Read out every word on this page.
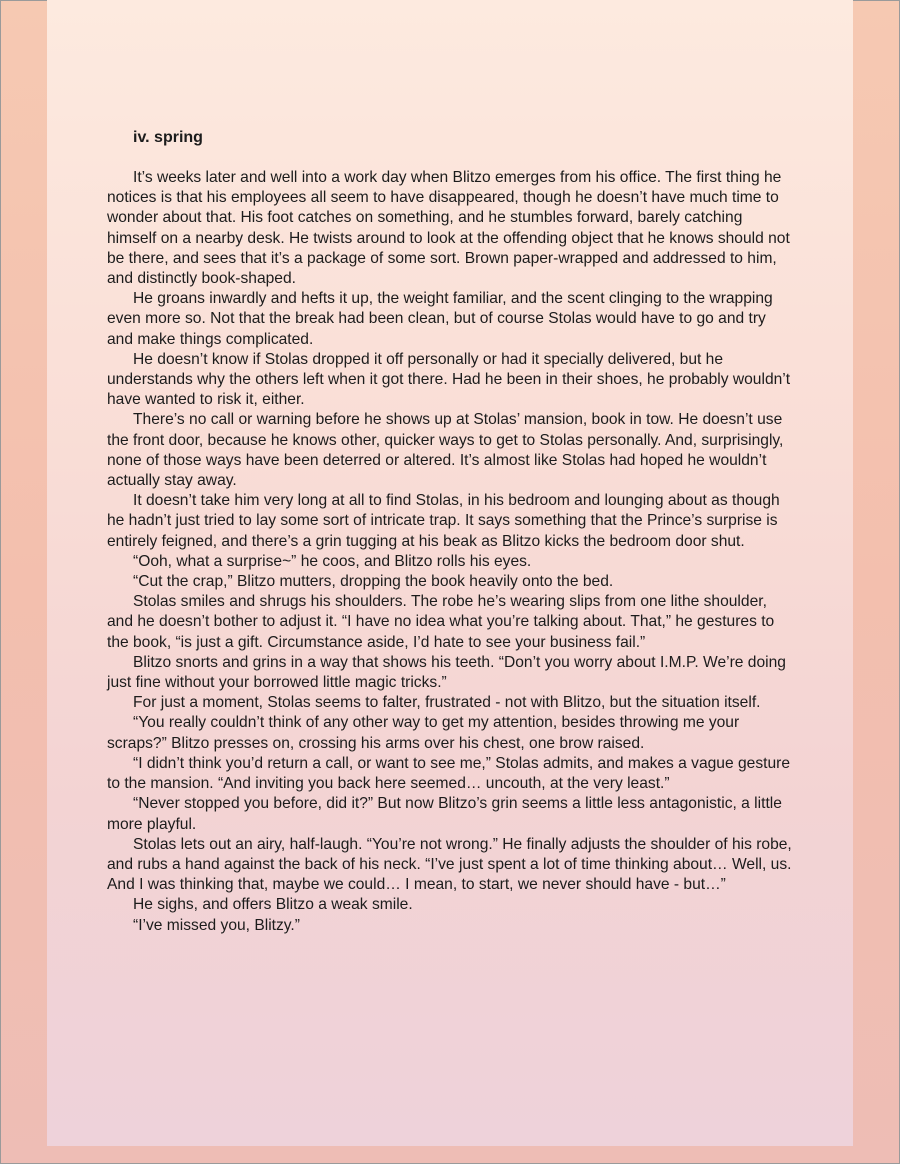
iv. spring

It’s weeks later and well into a work day when Blitzo emerges from his office. The first thing he notices is that his employees all seem to have disappeared, though he doesn’t have much time to wonder about that. His foot catches on something, and he stumbles forward, barely catching himself on a nearby desk. He twists around to look at the offending object that he knows should not be there, and sees that it’s a package of some sort. Brown paper-wrapped and addressed to him, and distinctly book-shaped.

He groans inwardly and hefts it up, the weight familiar, and the scent clinging to the wrapping even more so. Not that the break had been clean, but of course Stolas would have to go and try and make things complicated.

He doesn’t know if Stolas dropped it off personally or had it specially delivered, but he understands why the others left when it got there. Had he been in their shoes, he probably wouldn’t have wanted to risk it, either.

There’s no call or warning before he shows up at Stolas’ mansion, book in tow. He doesn’t use the front door, because he knows other, quicker ways to get to Stolas personally. And, surprisingly, none of those ways have been deterred or altered. It’s almost like Stolas had hoped he wouldn’t actually stay away.

It doesn’t take him very long at all to find Stolas, in his bedroom and lounging about as though he hadn’t just tried to lay some sort of intricate trap. It says something that the Prince’s surprise is entirely feigned, and there’s a grin tugging at his beak as Blitzo kicks the bedroom door shut.

“Ooh, what a surprise~” he coos, and Blitzo rolls his eyes.

“Cut the crap,” Blitzo mutters, dropping the book heavily onto the bed.

Stolas smiles and shrugs his shoulders. The robe he’s wearing slips from one lithe shoulder, and he doesn’t bother to adjust it. “I have no idea what you’re talking about. That,” he gestures to the book, “is just a gift. Circumstance aside, I’d hate to see your business fail.”

Blitzo snorts and grins in a way that shows his teeth. “Don’t you worry about I.M.P. We’re doing just fine without your borrowed little magic tricks.”

For just a moment, Stolas seems to falter, frustrated - not with Blitzo, but the situation itself.

“You really couldn’t think of any other way to get my attention, besides throwing me your scraps?” Blitzo presses on, crossing his arms over his chest, one brow raised.

“I didn’t think you’d return a call, or want to see me,” Stolas admits, and makes a vague gesture to the mansion. “And inviting you back here seemed… uncouth, at the very least.”

“Never stopped you before, did it?” But now Blitzo’s grin seems a little less antagonistic, a little more playful.

Stolas lets out an airy, half-laugh. “You’re not wrong.” He finally adjusts the shoulder of his robe, and rubs a hand against the back of his neck. “I’ve just spent a lot of time thinking about… Well, us. And I was thinking that, maybe we could… I mean, to start, we never should have - but…”

He sighs, and offers Blitzo a weak smile.

“I’ve missed you, Blitzy.”
